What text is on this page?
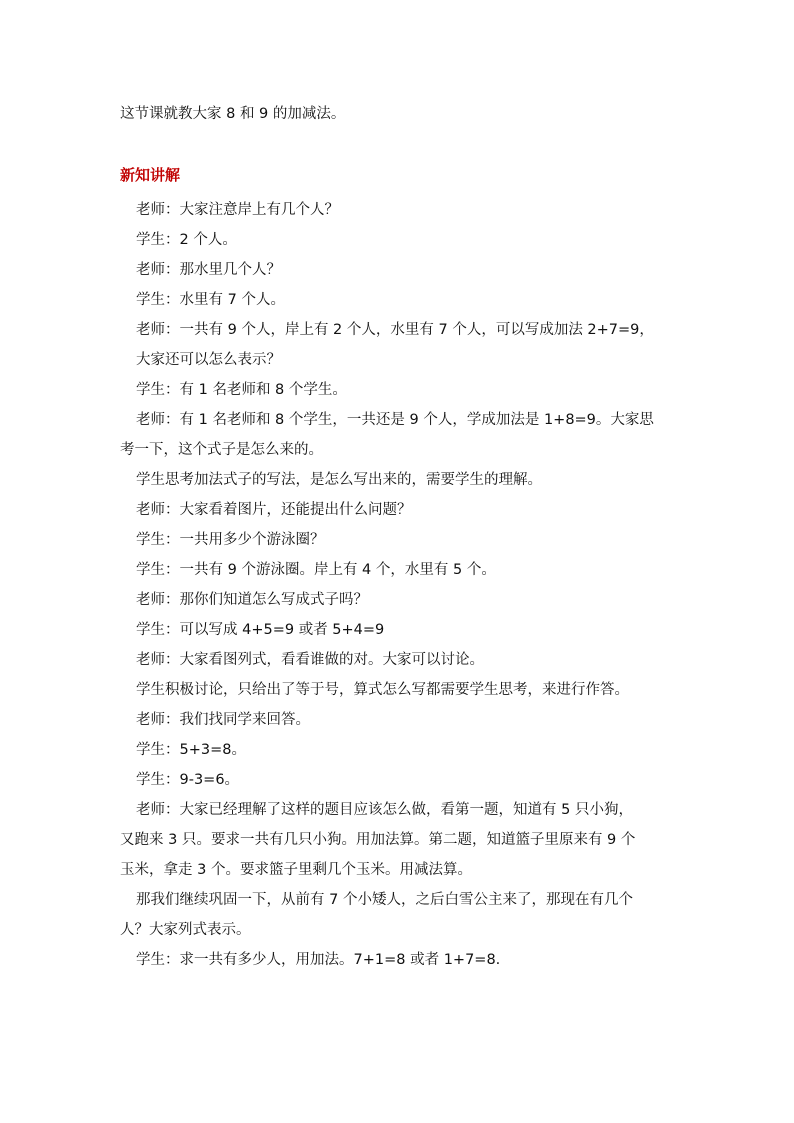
这节课就教大家 8 和 9 的加减法。
新知讲解
老师：大家注意岸上有几个人？
学生：2 个人。
老师：那水里几个人？
学生：水里有 7 个人。
老师：一共有 9 个人，岸上有 2 个人，水里有 7 个人，可以写成加法 2+7=9，
大家还可以怎么表示？
学生：有 1 名老师和 8 个学生。
老师：有 1 名老师和 8 个学生，一共还是 9 个人，学成加法是 1+8=9。大家思
考一下，这个式子是怎么来的。
学生思考加法式子的写法，是怎么写出来的，需要学生的理解。
老师：大家看着图片，还能提出什么问题？
学生：一共用多少个游泳圈？
学生：一共有 9 个游泳圈。岸上有 4 个，水里有 5 个。
老师：那你们知道怎么写成式子吗？
学生：可以写成 4+5=9 或者 5+4=9
老师：大家看图列式，看看谁做的对。大家可以讨论。
学生积极讨论，只给出了等于号，算式怎么写都需要学生思考，来进行作答。
老师：我们找同学来回答。
学生：5+3=8。
学生：9-3=6。
老师：大家已经理解了这样的题目应该怎么做，看第一题，知道有 5 只小狗，
又跑来 3 只。要求一共有几只小狗。用加法算。第二题，知道篮子里原来有 9 个
玉米，拿走 3 个。要求篮子里剩几个玉米。用减法算。
那我们继续巩固一下，从前有 7 个小矮人，之后白雪公主来了，那现在有几个
人？大家列式表示。
学生：求一共有多少人，用加法。7+1=8 或者 1+7=8.
